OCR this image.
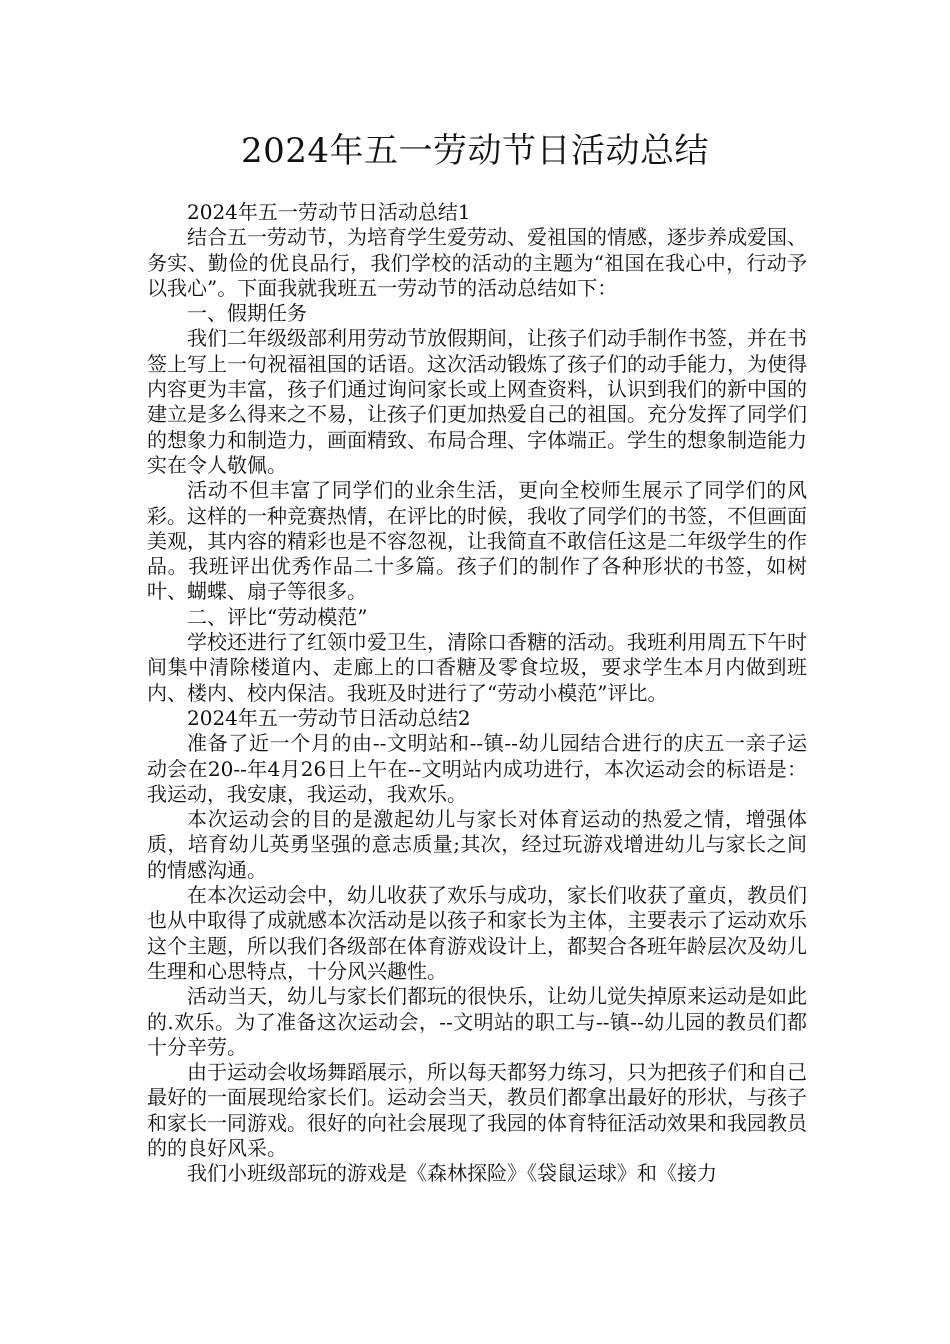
2024年五一劳动节日活动总结

2024年五一劳动节日活动总结1

结合五一劳动节，为培育学生爱劳动、爱祖国的情感，逐步养成爱国、务实、勤俭的优良品行，我们学校的活动的主题为“祖国在我心中，行动予以我心”。下面我就我班五一劳动节的活动总结如下：

一、假期任务

我们二年级级部利用劳动节放假期间，让孩子们动手制作书签，并在书签上写上一句祝福祖国的话语。这次活动锻炼了孩子们的动手能力，为使得内容更为丰富，孩子们通过询问家长或上网查资料，认识到我们的新中国的建立是多么得来之不易，让孩子们更加热爱自己的祖国。充分发挥了同学们的想象力和制造力，画面精致、布局合理、字体端正。学生的想象制造能力实在令人敬佩。

活动不但丰富了同学们的业余生活，更向全校师生展示了同学们的风彩。这样的一种竞赛热情，在评比的时候，我收了同学们的书签，不但画面美观，其内容的精彩也是不容忽视，让我简直不敢信任这是二年级学生的作品。我班评出优秀作品二十多篇。孩子们的制作了各种形状的书签，如树叶、蝴蝶、扇子等很多。

二、评比“劳动模范”

学校还进行了红领巾爱卫生，清除口香糖的活动。我班利用周五下午时间集中清除楼道内、走廊上的口香糖及零食垃圾，要求学生本月内做到班内、楼内、校内保洁。我班及时进行了“劳动小模范”评比。

2024年五一劳动节日活动总结2

准备了近一个月的由--文明站和--镇--幼儿园结合进行的庆五一亲子运动会在20--年4月26日上午在--文明站内成功进行，本次运动会的标语是：我运动，我安康，我运动，我欢乐。

本次运动会的目的是激起幼儿与家长对体育运动的热爱之情，增强体质，培育幼儿英勇坚强的意志质量;其次，经过玩游戏增进幼儿与家长之间的情感沟通。

在本次运动会中，幼儿收获了欢乐与成功，家长们收获了童贞，教员们也从中取得了成就感本次活动是以孩子和家长为主体，主要表示了运动欢乐这个主题，所以我们各级部在体育游戏设计上，都契合各班年龄层次及幼儿生理和心思特点，十分风兴趣性。

活动当天，幼儿与家长们都玩的很快乐，让幼儿觉失掉原来运动是如此的.欢乐。为了准备这次运动会，--文明站的职工与--镇--幼儿园的教员们都十分辛劳。

由于运动会收场舞蹈展示，所以每天都努力练习，只为把孩子们和自己最好的一面展现给家长们。运动会当天，教员们都拿出最好的形状，与孩子和家长一同游戏。很好的向社会展现了我园的体育特征活动效果和我园教员的的良好风采。

我们小班级部玩的游戏是《森林探险》《袋鼠运球》和《接力
